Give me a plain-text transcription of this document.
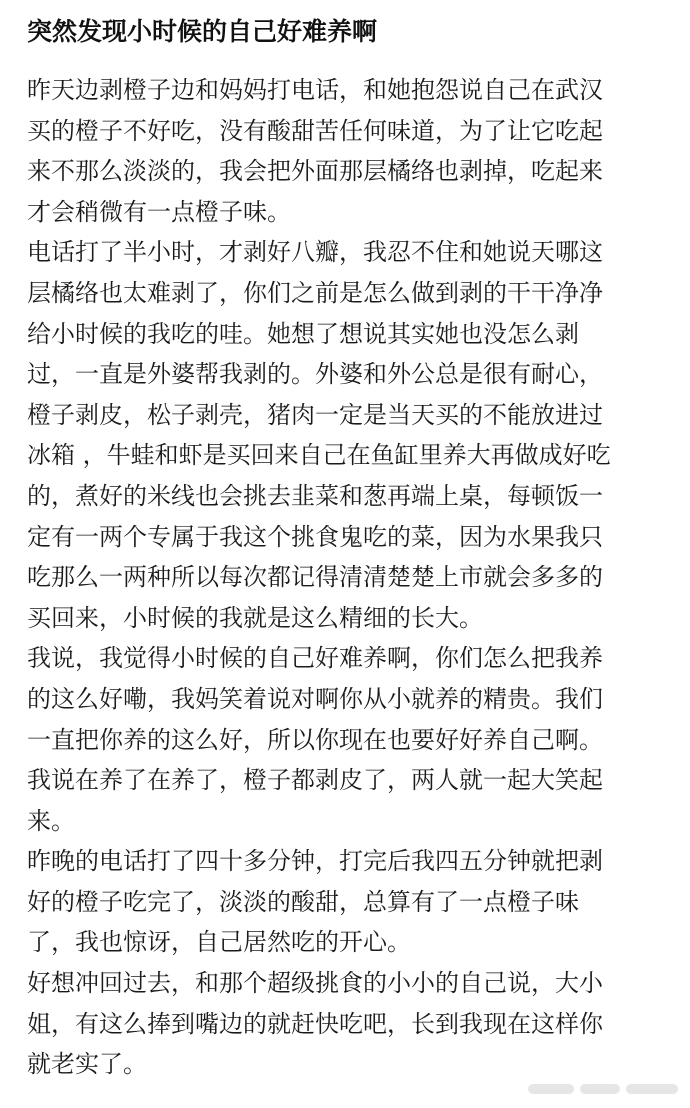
突然发现小时候的自己好难养啊
昨天边剥橙子边和妈妈打电话，和她抱怨说自己在武汉
买的橙子不好吃，没有酸甜苦任何味道，为了让它吃起
来不那么淡淡的，我会把外面那层橘络也剥掉，吃起来
才会稍微有一点橙子味。
电话打了半小时，才剥好八瓣，我忍不住和她说天哪这
层橘络也太难剥了，你们之前是怎么做到剥的干干净净
给小时候的我吃的哇。她想了想说其实她也没怎么剥
过，一直是外婆帮我剥的。外婆和外公总是很有耐心，
橙子剥皮，松子剥壳，猪肉一定是当天买的不能放进过
冰箱 ，牛蛙和虾是买回来自己在鱼缸里养大再做成好吃
的，煮好的米线也会挑去韭菜和葱再端上桌，每顿饭一
定有一两个专属于我这个挑食鬼吃的菜，因为水果我只
吃那么一两种所以每次都记得清清楚楚上市就会多多的
买回来，小时候的我就是这么精细的长大。
我说，我觉得小时候的自己好难养啊，你们怎么把我养
的这么好嘞，我妈笑着说对啊你从小就养的精贵。我们
一直把你养的这么好，所以你现在也要好好养自己啊。
我说在养了在养了，橙子都剥皮了，两人就一起大笑起
来。
昨晚的电话打了四十多分钟，打完后我四五分钟就把剥
好的橙子吃完了，淡淡的酸甜，总算有了一点橙子味
了，我也惊讶，自己居然吃的开心。
好想冲回过去，和那个超级挑食的小小的自己说，大小
姐，有这么捧到嘴边的就赶快吃吧，长到我现在这样你
就老实了。
